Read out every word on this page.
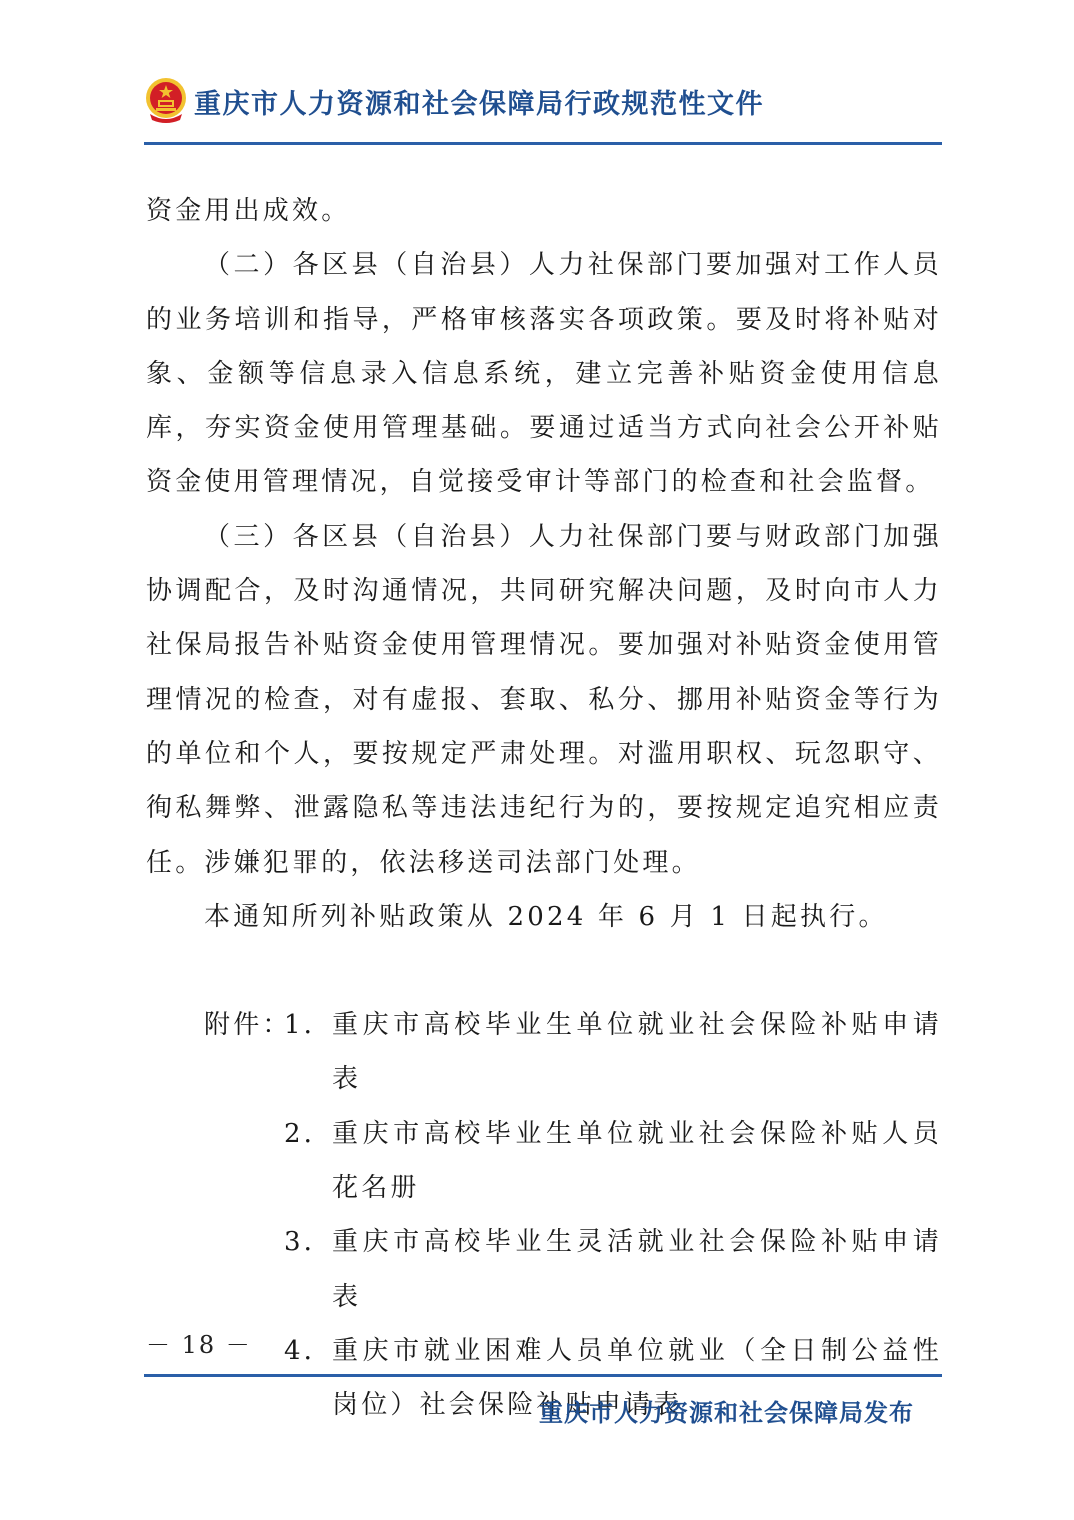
重庆市人力资源和社会保障局行政规范性文件

资金用出成效。

（二）各区县（自治县）人力社保部门要加强对工作人员的业务培训和指导，严格审核落实各项政策。要及时将补贴对象、金额等信息录入信息系统，建立完善补贴资金使用信息库，夯实资金使用管理基础。要通过适当方式向社会公开补贴资金使用管理情况，自觉接受审计等部门的检查和社会监督。

（三）各区县（自治县）人力社保部门要与财政部门加强协调配合，及时沟通情况，共同研究解决问题，及时向市人力社保局报告补贴资金使用管理情况。要加强对补贴资金使用管理情况的检查，对有虚报、套取、私分、挪用补贴资金等行为的单位和个人，要按规定严肃处理。对滥用职权、玩忽职守、徇私舞弊、泄露隐私等违法违纪行为的，要按规定追究相应责任。涉嫌犯罪的，依法移送司法部门处理。

本通知所列补贴政策从 2024 年 6 月 1 日起执行。

附件：
1． 重庆市高校毕业生单位就业社会保险补贴申请表
2． 重庆市高校毕业生单位就业社会保险补贴人员花名册
3． 重庆市高校毕业生灵活就业社会保险补贴申请表
4． 重庆市就业困难人员单位就业（全日制公益性岗位）社会保险补贴申请表
－ 18 －
重庆市人力资源和社会保障局发布
